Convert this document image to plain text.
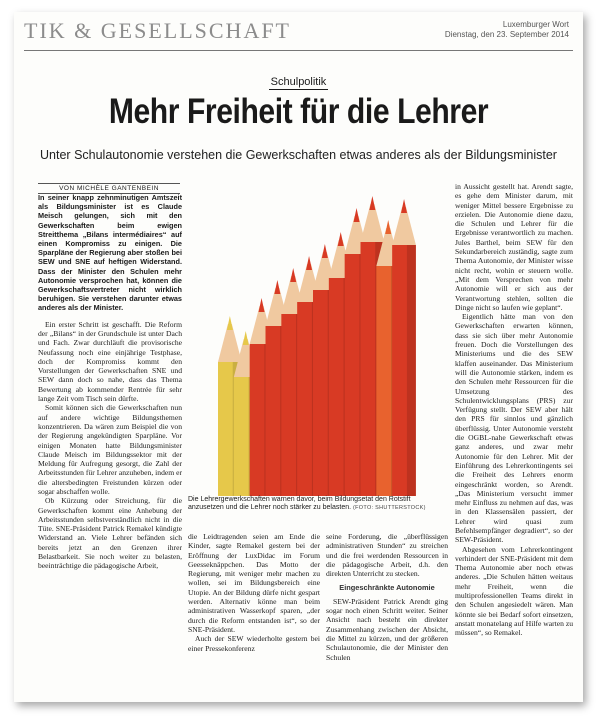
TIK & GESELLSCHAFT	Luxemburger Wort
Dienstag, den 23. September 2014
Schulpolitik
Mehr Freiheit für die Lehrer
Unter Schulautonomie verstehen die Gewerkschaften etwas anderes als der Bildungsminister
VON MICHÈLE GANTENBEIN

In seiner knapp zehnminutigen Amtszeit als Bildungsminister ist es Claude Meisch gelungen, sich mit den Gewerkschaften beim ewigen Streitthema „Bilans intermédiaires“ auf einen Kompromiss zu einigen. Die Sparpläne der Regierung aber stoßen bei SEW und SNE auf heftigen Widerstand. Dass der Minister den Schulen mehr Autonomie versprochen hat, können die Gewerkschaftsvertreter nicht wirklich beruhigen. Sie verstehen darunter etwas anderes als der Minister.

Ein erster Schritt ist geschafft. Die Reform der „Bilans“ in der Grundschule ist unter Dach und Fach. Zwar durchläuft die provisorische Neufassung noch eine einjährige Testphase, doch der Kompromiss kommt den Vorstellungen der Gewerkschaften SNE und SEW dann doch so nahe, dass das Thema Bewertung ab kommender Rentrée für sehr lange Zeit vom Tisch sein dürfte.

Somit können sich die Gewerkschaften nun auf andere wichtige Bildungsthemen konzentrieren. Da wären zum Beispiel die von der Regierung angekündigten Sparpläne. Vor einigen Monaten hatte Bildungsminister Claude Meisch im Bildungssektor mit der Meldung für Aufregung gesorgt, die Zahl der Arbeitsstunden für Lehrer anzuheben, indem er die altersbedingten Freistunden kürzen oder sogar abschaffen wolle.

Ob Kürzung oder Streichung, für die Gewerkschaften kommt eine Anhebung der Arbeitsstunden selbstverständlich nicht in die Tüte. SNE-Präsident Patrick Remakel kündigte Widerstand an. Viele Lehrer befänden sich bereits jetzt an den Grenzen ihrer Belastbarkeit. Sie noch weiter zu belasten, beeinträchtige die pädagogische Arbeit,

Die Lehrergewerkschaften warnen davor, beim Bildungsetat den Rotstift anzusetzen und die Lehrer noch stärker zu belasten. (FOTO: SHUTTERSTOCK)

die Leidtragenden seien am Ende die Kinder, sagte Remakel gestern bei der Eröffnung der LuxDidac im Forum Geesseknäppchen. Das Motto der Regierung, mit weniger mehr machen zu wollen, sei im Bildungsbereich eine Utopie. An der Bildung dürfe nicht gespart werden. Alternativ könne man beim administrativen Wasserkopf sparen, „der durch die Reform entstanden ist“, so der SNE-Präsident.

Auch der SEW wiederholte gestern bei einer Pressekonferenz

seine Forderung, die „überflüssigen administrativen Stunden“ zu streichen und die frei werdenden Ressourcen in die pädagogische Arbeit, d.h. den direkten Unterricht zu stecken.

Eingeschränkte Autonomie

SEW-Präsident Patrick Arendt ging sogar noch einen Schritt weiter. Seiner Ansicht nach besteht ein direkter Zusammenhang zwischen der Absicht, die Mittel zu kürzen, und der größeren Schulautonomie, die der Minister den Schulen

in Aussicht gestellt hat. Arendt sagte, es gehe dem Minister darum, mit weniger Mittel bessere Ergebnisse zu erzielen. Die Autonomie diene dazu, die Schulen und Lehrer für die Ergebnisse verantwortlich zu machen. Jules Barthel, beim SEW für den Sekundarbereich zuständig, sagte zum Thema Autonomie, der Minister wisse nicht recht, wohin er steuern wolle. „Mit dem Versprechen von mehr Autonomie will er sich aus der Verantwortung stehlen, sollten die Dinge nicht so laufen wie geplant“.

Eigentlich hätte man von den Gewerkschaften erwarten können, dass sie sich über mehr Autonomie freuen. Doch die Vorstellungen des Ministeriums und die des SEW klaffen auseinander. Das Ministerium will die Autonomie stärken, indem es den Schulen mehr Ressourcen für die Umsetzung des Schulentwicklungsplans (PRS) zur Verfügung stellt. Der SEW aber hält den PRS für sinnlos und gänzlich überflüssig. Unter Autonomie versteht die OGBL-nahe Gewerkschaft etwas ganz anderes, und zwar mehr Autonomie für den Lehrer. Mit der Einführung des Lehrerkontingents sei die Freiheit des Lehrers enorm eingeschränkt worden, so Arendt. „Das Ministerium versucht immer mehr Einfluss zu nehmen auf das, was in den Klassensälen passiert, der Lehrer wird quasi zum Befehlsempfänger degradiert“, so der SEW-Präsident.

Abgesehen vom Lehrerkontingent verhindert der SNE-Präsident mit dem Thema Autonomie aber noch etwas anderes. „Die Schulen hätten weitaus mehr Freiheit, wenn die multiprofessionellen Teams direkt in den Schulen angesiedelt wären. Man könnte sie bei Bedarf sofort einsetzen, anstatt monatelang auf Hilfe warten zu müssen“, so Remakel.
